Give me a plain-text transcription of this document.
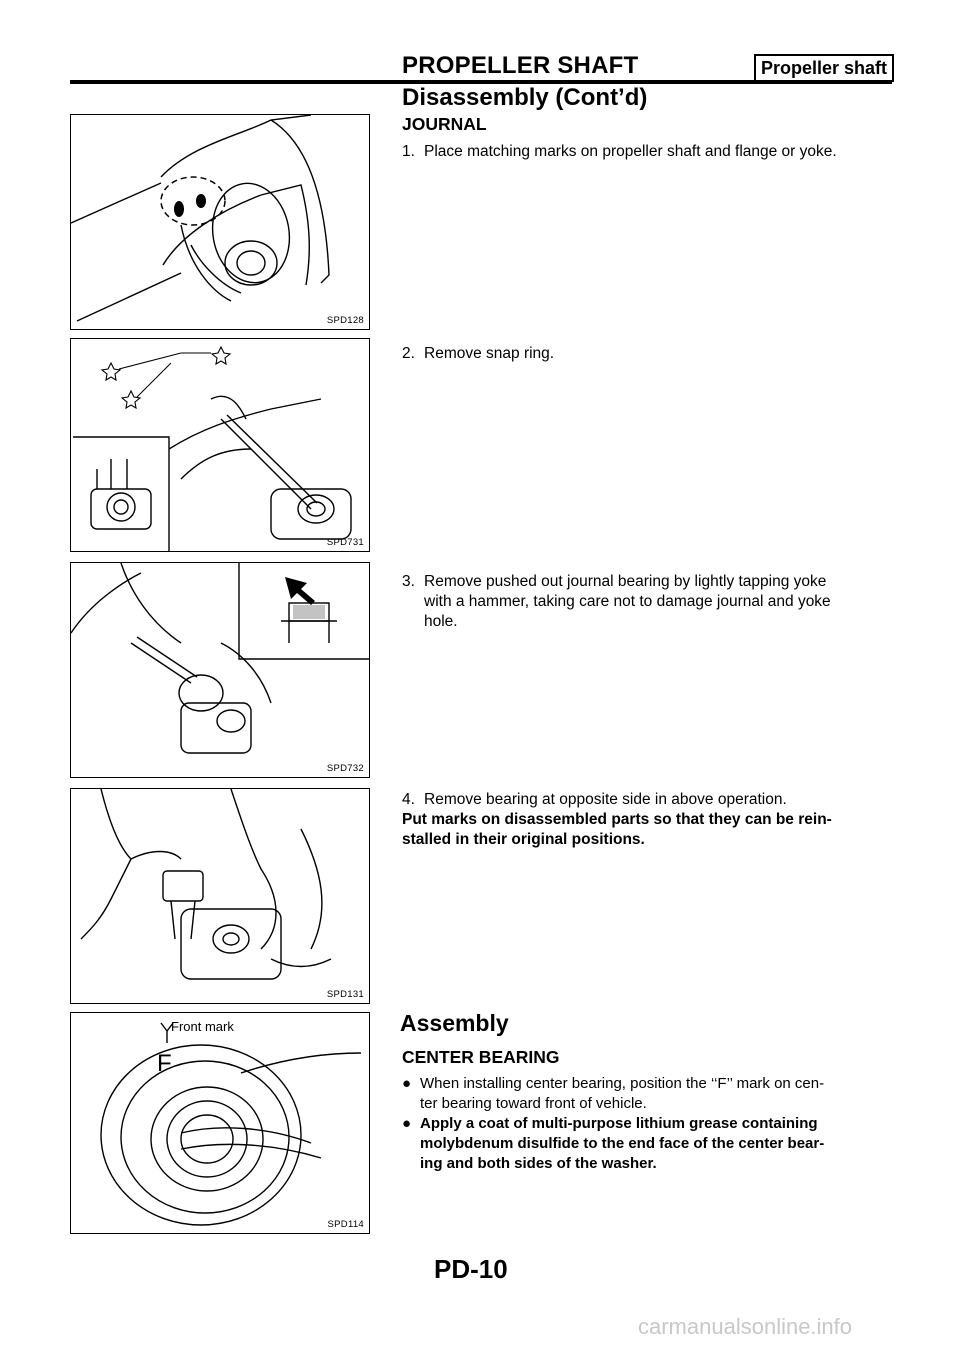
PROPELLER SHAFT	Propeller shaft
Disassembly (Cont’d)
SPD128
SPD731
SPD732
SPD131
Front mark
F
SPD114
JOURNAL
1. Place matching marks on propeller shaft and flange or yoke.
2. Remove snap ring.
3. Remove pushed out journal bearing by lightly tapping yoke
with a hammer, taking care not to damage journal and yoke
hole.
4. Remove bearing at opposite side in above operation.
Put marks on disassembled parts so that they can be rein-
stalled in their original positions.
Assembly
CENTER BEARING
● When installing center bearing, position the ‘‘F’’ mark on cen-
ter bearing toward front of vehicle.
● Apply a coat of multi-purpose lithium grease containing
molybdenum disulfide to the end face of the center bear-
ing and both sides of the washer.
PD-10
carmanualsonline.info
